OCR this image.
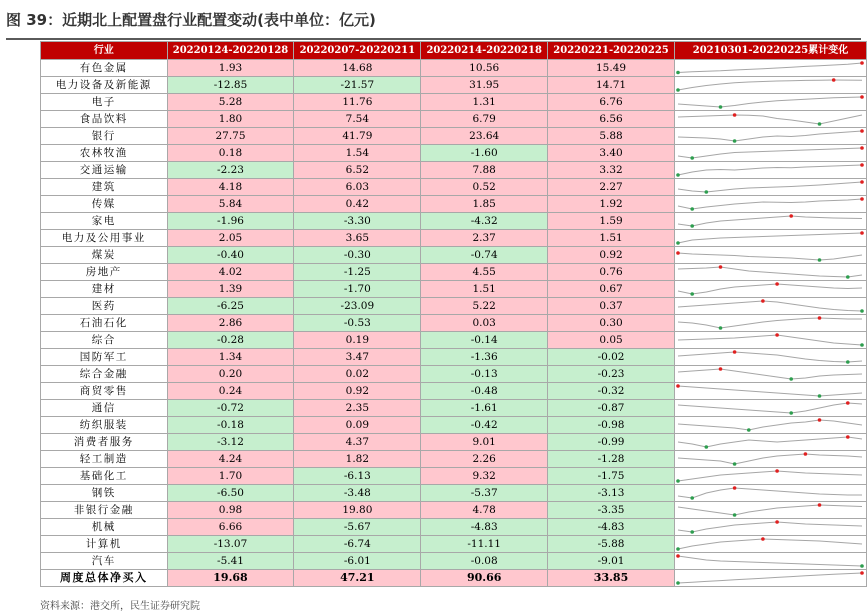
图 39：近期北上配置盘行业配置变动(表中单位：亿元)
行业	20220124-20220128	20220207-20220211	20220214-20220218	20220221-20220225	20210301-20220225累计变化
有色金属	1.93	14.68	10.56	15.49	

电力设备及新能源	-12.85	-21.57	31.95	14.71	

电子	5.28	11.76	1.31	6.76	

食品饮料	1.80	7.54	6.79	6.56	

银行	27.75	41.79	23.64	5.88	

农林牧渔	0.18	1.54	-1.60	3.40	

交通运输	-2.23	6.52	7.88	3.32	

建筑	4.18	6.03	0.52	2.27	

传媒	5.84	0.42	1.85	1.92	

家电	-1.96	-3.30	-4.32	1.59	

电力及公用事业	2.05	3.65	2.37	1.51	

煤炭	-0.40	-0.30	-0.74	0.92	

房地产	4.02	-1.25	4.55	0.76	

建材	1.39	-1.70	1.51	0.67	

医药	-6.25	-23.09	5.22	0.37	

石油石化	2.86	-0.53	0.03	0.30	

综合	-0.28	0.19	-0.14	0.05	

国防军工	1.34	3.47	-1.36	-0.02	

综合金融	0.20	0.02	-0.13	-0.23	

商贸零售	0.24	0.92	-0.48	-0.32	

通信	-0.72	2.35	-1.61	-0.87	

纺织服装	-0.18	0.09	-0.42	-0.98	

消费者服务	-3.12	4.37	9.01	-0.99	

轻工制造	4.24	1.82	2.26	-1.28	

基础化工	1.70	-6.13	9.32	-1.75	

钢铁	-6.50	-3.48	-5.37	-3.13	

非银行金融	0.98	19.80	4.78	-3.35	

机械	6.66	-5.67	-4.83	-4.83	

计算机	-13.07	-6.74	-11.11	-5.88	

汽车	-5.41	-6.01	-0.08	-9.01	

周度总体净买入	19.68	47.21	90.66	33.85	
资料来源：港交所，民生证券研究院
